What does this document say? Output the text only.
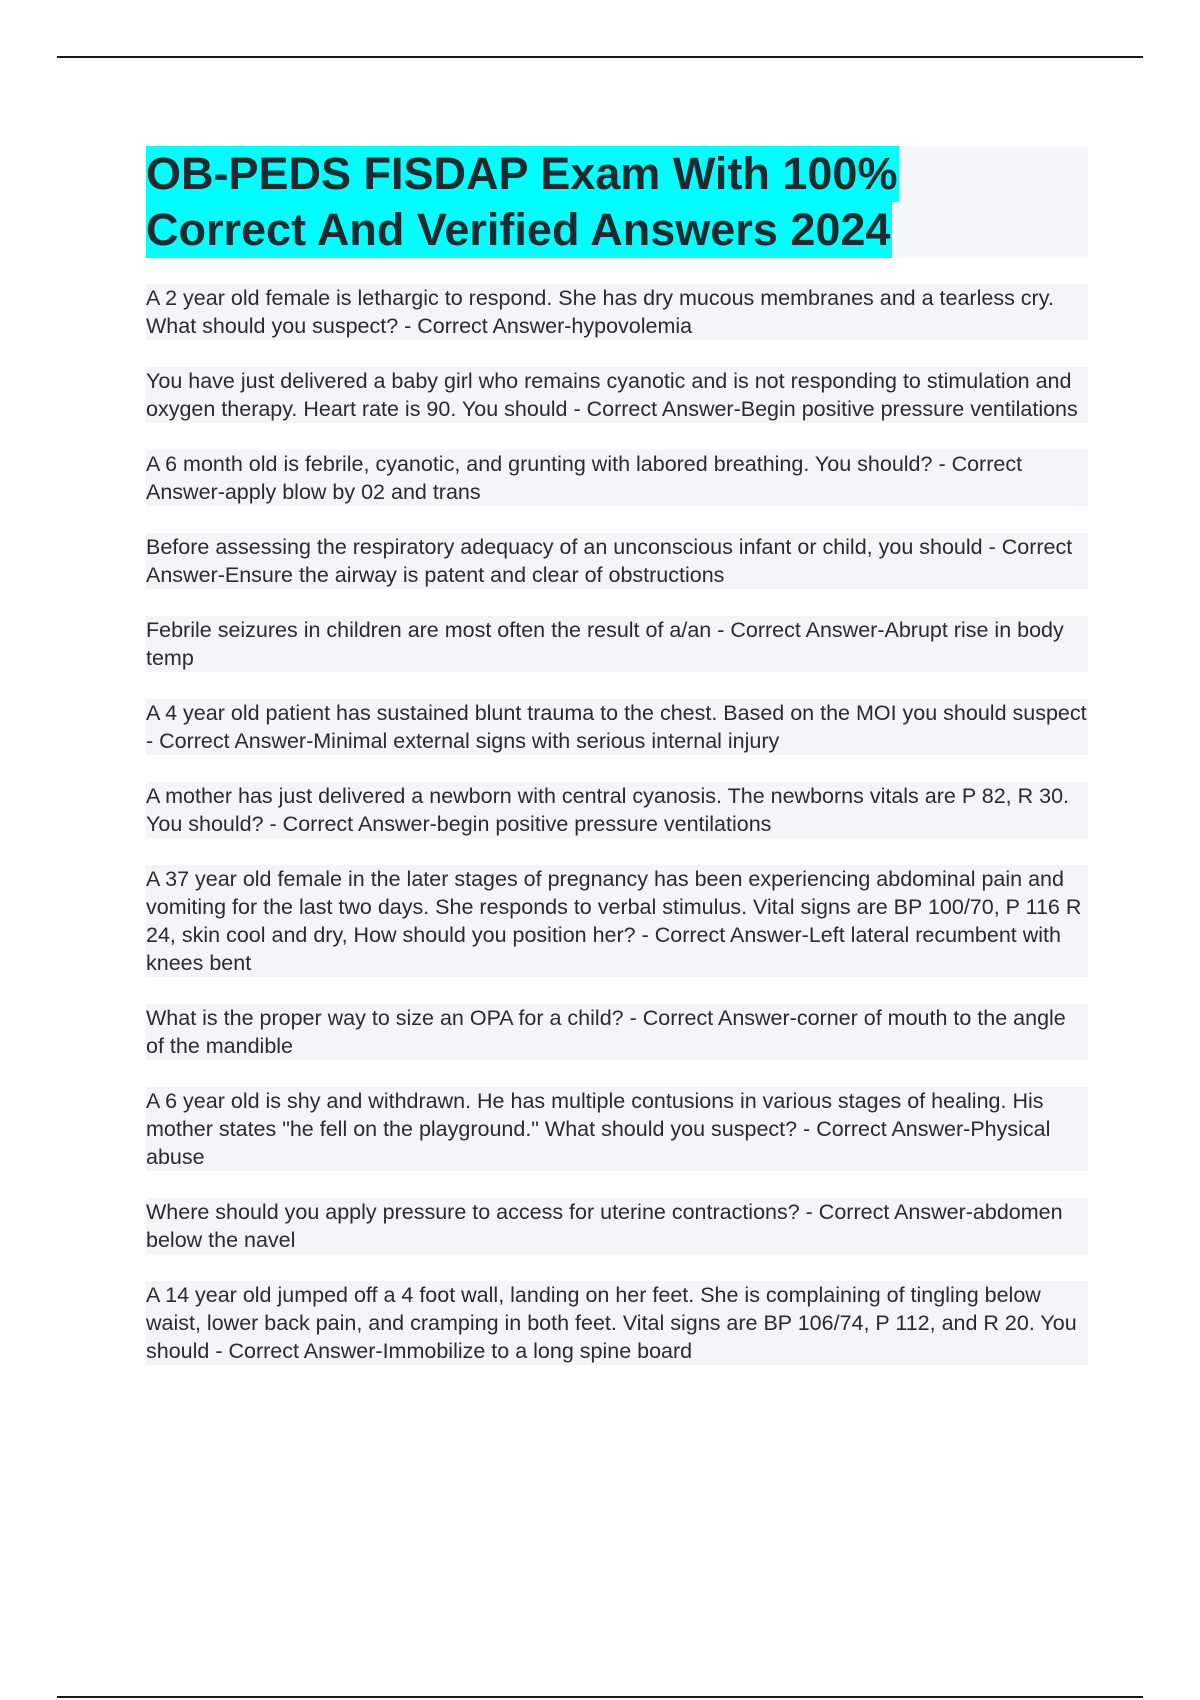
OB-PEDS FISDAP Exam With 100%
Correct And Verified Answers 2024
A 2 year old female is lethargic to respond. She has dry mucous membranes and a tearless cry. What should you suspect? - Correct Answer-hypovolemia
You have just delivered a baby girl who remains cyanotic and is not responding to stimulation and oxygen therapy. Heart rate is 90. You should - Correct Answer-Begin positive pressure ventilations
A 6 month old is febrile, cyanotic, and grunting with labored breathing. You should? - Correct Answer-apply blow by 02 and trans
Before assessing the respiratory adequacy of an unconscious infant or child, you should - Correct Answer-Ensure the airway is patent and clear of obstructions
Febrile seizures in children are most often the result of a/an - Correct Answer-Abrupt rise in body temp
A 4 year old patient has sustained blunt trauma to the chest. Based on the MOI you should suspect - Correct Answer-Minimal external signs with serious internal injury
A mother has just delivered a newborn with central cyanosis. The newborns vitals are P 82, R 30. You should? - Correct Answer-begin positive pressure ventilations
A 37 year old female in the later stages of pregnancy has been experiencing abdominal pain and vomiting for the last two days. She responds to verbal stimulus. Vital signs are BP 100/70, P 116 R 24, skin cool and dry, How should you position her? - Correct Answer-Left lateral recumbent with knees bent
What is the proper way to size an OPA for a child? - Correct Answer-corner of mouth to the angle of the mandible
A 6 year old is shy and withdrawn. He has multiple contusions in various stages of healing. His mother states "he fell on the playground." What should you suspect? - Correct Answer-Physical abuse
Where should you apply pressure to access for uterine contractions? - Correct Answer-abdomen below the navel
A 14 year old jumped off a 4 foot wall, landing on her feet. She is complaining of tingling below waist, lower back pain, and cramping in both feet. Vital signs are BP 106/74, P 112, and R 20. You should - Correct Answer-Immobilize to a long spine board
